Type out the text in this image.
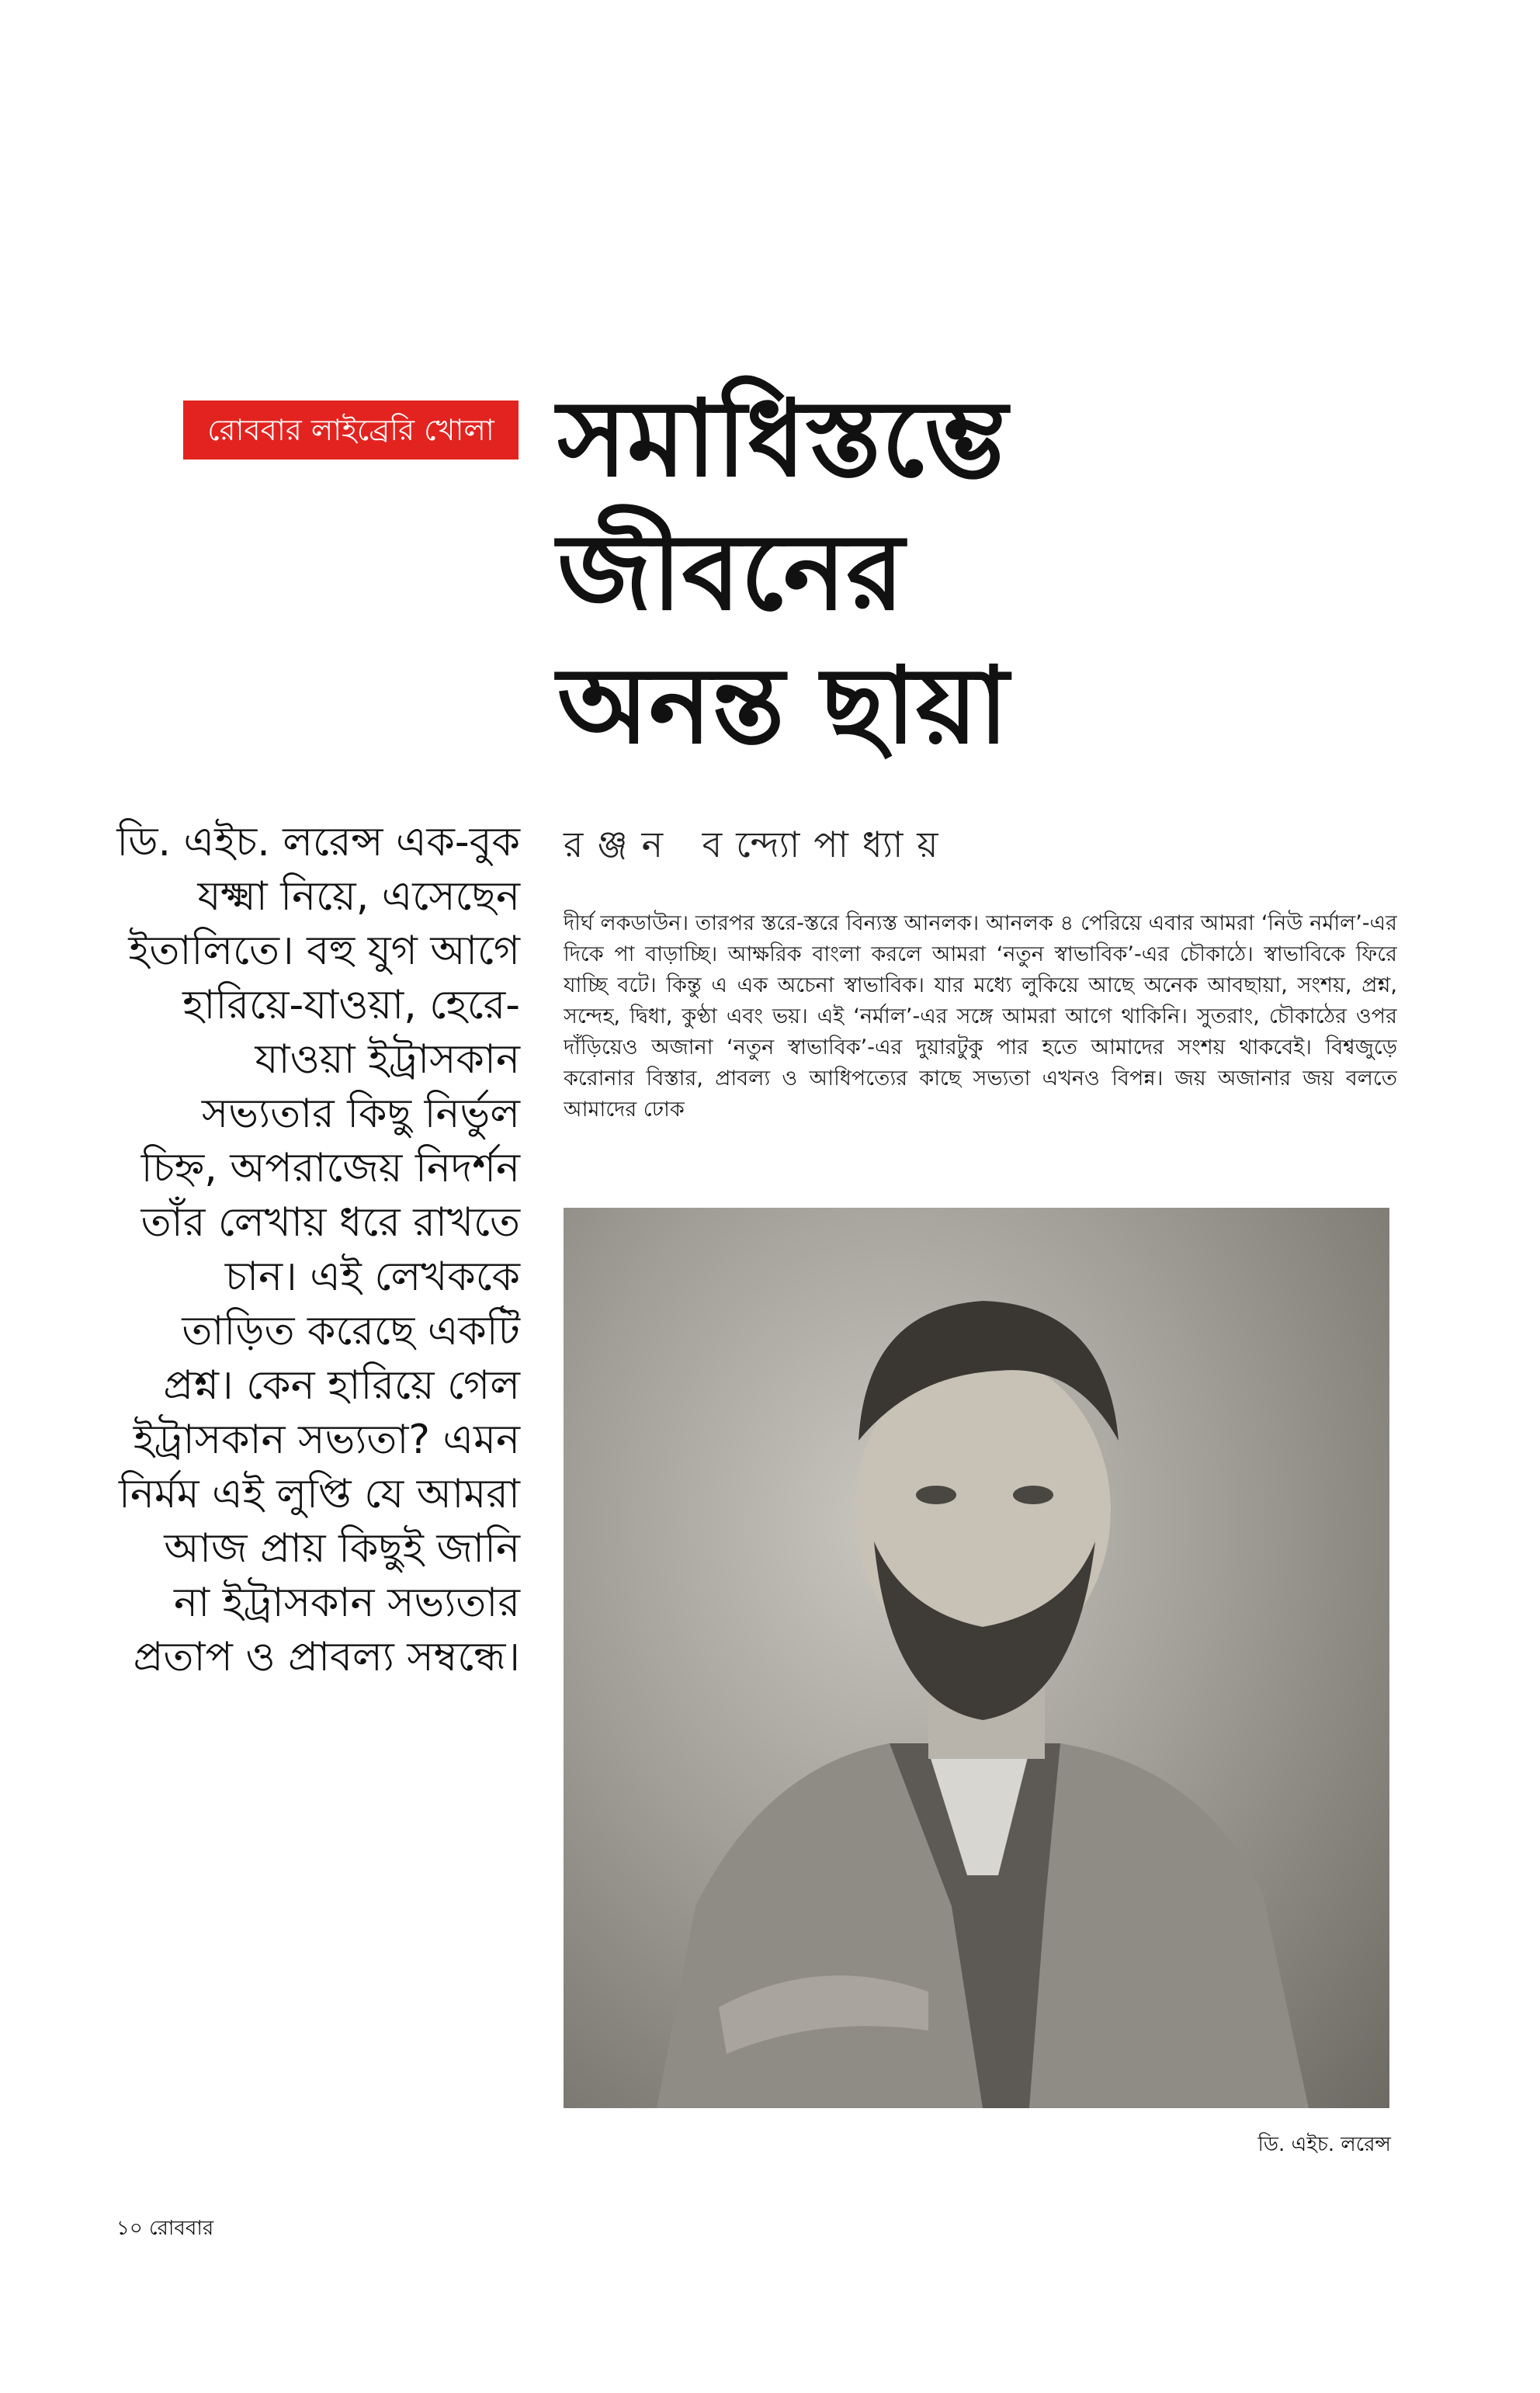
রোববার লাইব্রেরি খোলা সমাধিস্তম্ভে
জীবনের
অনন্ত ছায়া
রঞ্জন বন্দ্যোপাধ্যায়

দীর্ঘ লকডাউন। তারপর স্তরে-স্তরে বিন্যস্ত আনলক। আনলক ৪ পেরিয়ে এবার আমরা ‘নিউ নর্মাল’-এর দিকে পা বাড়াচ্ছি। আক্ষরিক বাংলা করলে আমরা ‘নতুন স্বাভাবিক’-এর চৌকাঠে। স্বাভাবিকে ফিরে যাচ্ছি বটে। কিন্তু এ এক অচেনা স্বাভাবিক। যার মধ্যে লুকিয়ে আছে অনেক আবছায়া, সংশয়, প্রশ্ন, সন্দেহ, দ্বিধা, কুণ্ঠা এবং ভয়। এই ‘নর্মাল’-এর সঙ্গে আমরা আগে থাকিনি। সুতরাং, চৌকাঠের ওপর দাঁড়িয়েও অজানা ‘নতুন স্বাভাবিক’-এর দুয়ারটুকু পার হতে আমাদের সংশয় থাকবেই। বিশ্বজুড়ে করোনার বিস্তার, প্রাবল্য ও আধিপত্যের কাছে সভ্যতা এখনও বিপন্ন। জয় অজানার জয় বলতে আমাদের ঢোক

ডি. এইচ. লরেন্স এক-বুক যক্ষ্মা নিয়ে, এসেছেন ইতালিতে। বহু যুগ আগে হারিয়ে-যাওয়া, হেরে-যাওয়া ইট্রাসকান সভ্যতার কিছু নির্ভুল চিহ্ন, অপরাজেয় নিদর্শন তাঁর লেখায় ধরে রাখতে চান। এই লেখককে তাড়িত করেছে একটি প্রশ্ন। কেন হারিয়ে গেল ইট্রাসকান সভ্যতা? এমন নির্মম এই লুপ্তি যে আমরা আজ প্রায় কিছুই জানি না ইট্রাসকান সভ্যতার প্রতাপ ও প্রাবল্য সম্বন্ধে।

ডি. এইচ. লরেন্স
১০ রোববার
